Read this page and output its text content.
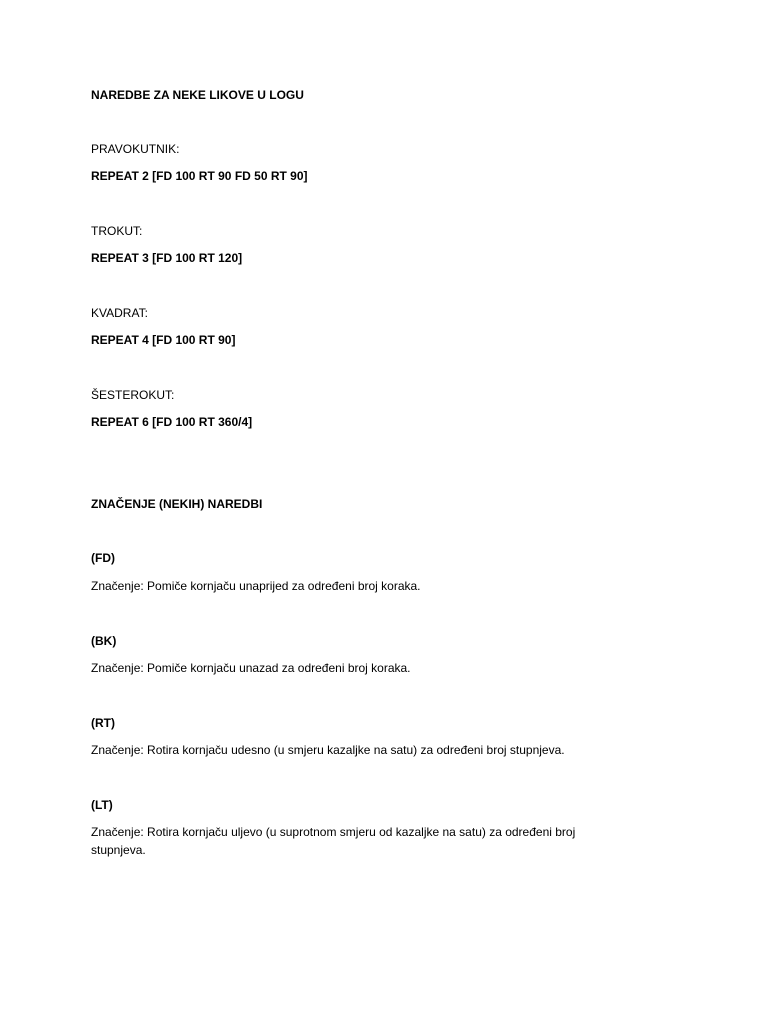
NAREDBE ZA NEKE LIKOVE U LOGU
PRAVOKUTNIK:
REPEAT 2 [FD 100 RT 90 FD 50 RT 90]
TROKUT:
REPEAT 3 [FD 100 RT 120]
KVADRAT:
REPEAT 4 [FD 100 RT 90]
ŠESTEROKUT:
REPEAT 6 [FD 100 RT 360/4]
ZNAČENJE (NEKIH) NAREDBI
(FD)
Značenje: Pomiče kornjaču unaprijed za određeni broj koraka.
(BK)
Značenje: Pomiče kornjaču unazad za određeni broj koraka.
(RT)
Značenje: Rotira kornjaču udesno (u smjeru kazaljke na satu) za određeni broj stupnjeva.
(LT)
Značenje: Rotira kornjaču uljevo (u suprotnom smjeru od kazaljke na satu) za određeni broj stupnjeva.
